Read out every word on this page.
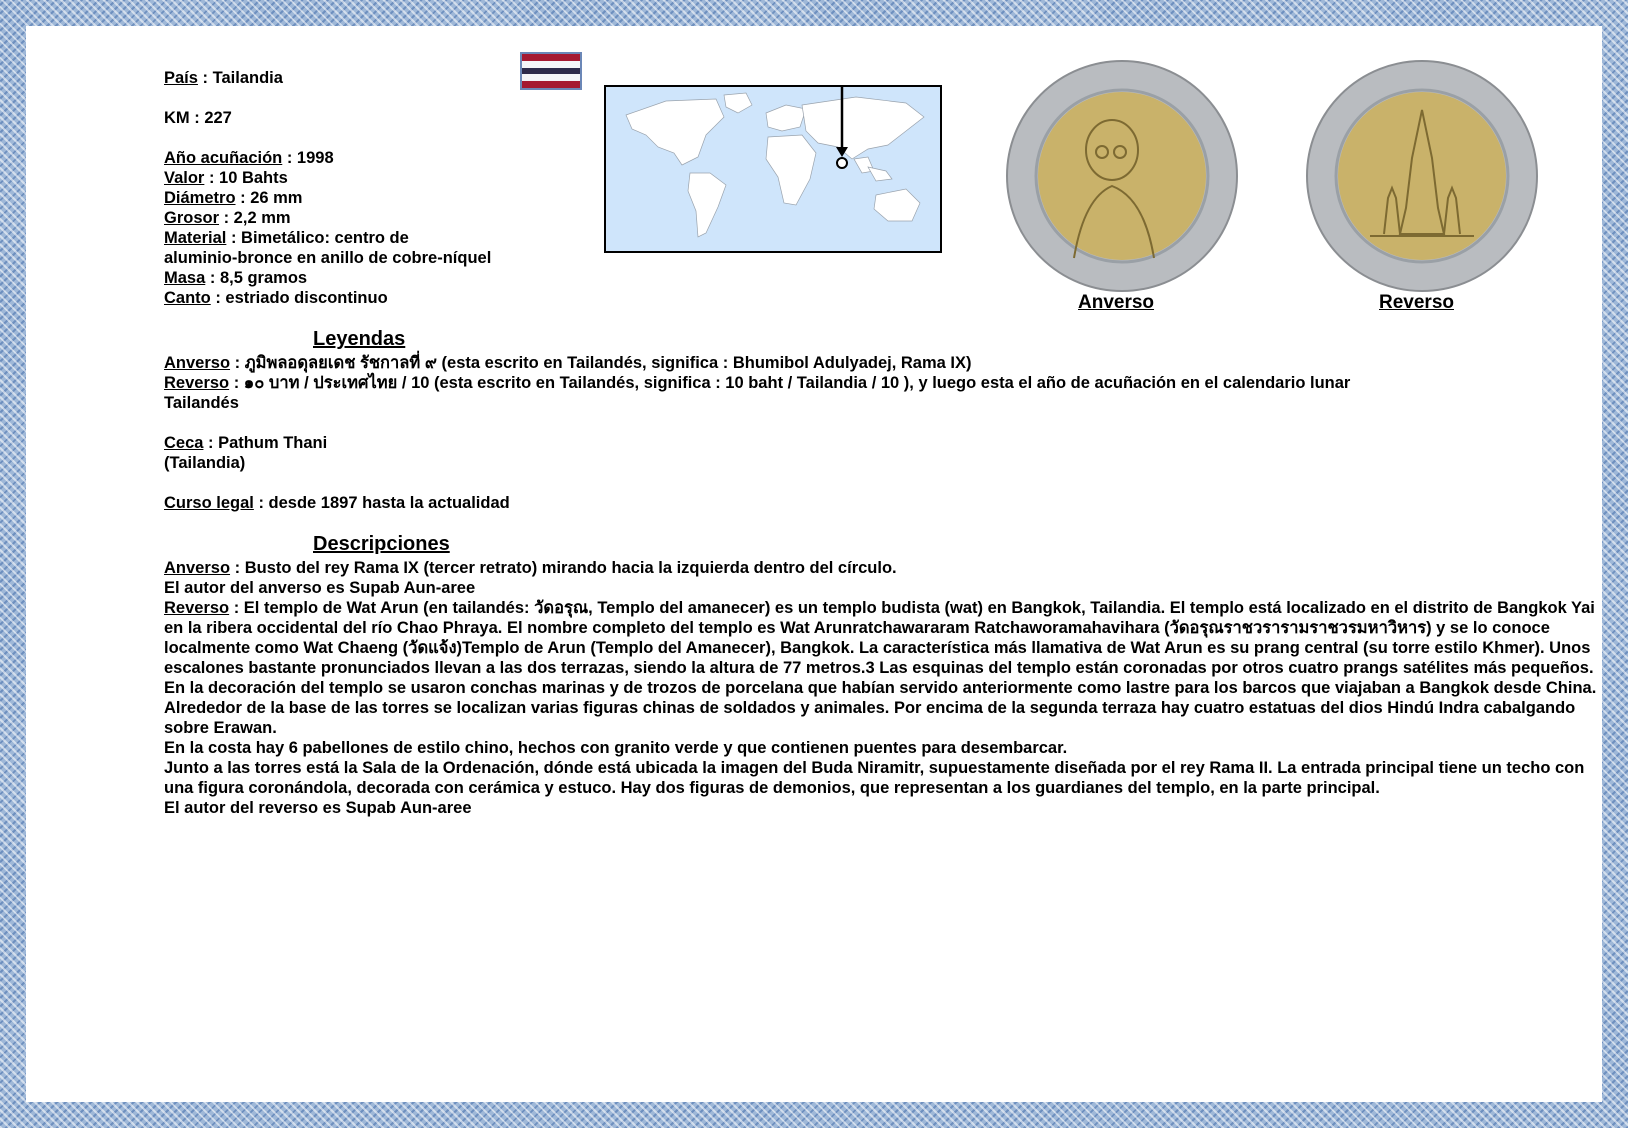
País : Tailandia
KM : 227
Año acuñación : 1998
Valor : 10 Bahts
Diámetro : 26 mm
Grosor : 2,2 mm
Material : Bimetálico: centro de
aluminio-bronce en anillo de cobre-níquel
Masa : 8,5 gramos
Canto : estriado discontinuo	Anverso	Reverso
Leyendas
Anverso : ภูมิพลอดุลยเดช รัชกาลที่ ๙ (esta escrito en Tailandés, significa : Bhumibol Adulyadej, Rama IX)
Reverso : ๑๐ บาท / ประเทศไทย / 10 (esta escrito en Tailandés, significa : 10 baht / Tailandia / 10 ), y luego esta el año de acuñación en el calendario lunar
Tailandés
Ceca : Pathum Thani
(Tailandia)
Curso legal : desde 1897 hasta la actualidad
Descripciones

Anverso : Busto del rey Rama IX (tercer retrato) mirando hacia la izquierda dentro del círculo.

El autor del anverso es Supab Aun-aree

Reverso : El templo de Wat Arun (en tailandés: วัดอรุณ, Templo del amanecer) es un templo budista (wat) en Bangkok, Tailandia. El templo está localizado en el distrito de Bangkok Yai en la ribera occidental del río Chao Phraya. El nombre completo del templo es Wat Arunratchawararam Ratchaworamahavihara (วัดอรุณราชวรารามราชวรมหาวิหาร) y se lo conoce localmente como Wat Chaeng (วัดแจ้ง)Templo de Arun (Templo del Amanecer), Bangkok. La característica más llamativa de Wat Arun es su prang central (su torre estilo Khmer). Unos escalones bastante pronunciados llevan a las dos terrazas, siendo la altura de 77 metros.3 Las esquinas del templo están coronadas por otros cuatro prangs satélites más pequeños.

En la decoración del templo se usaron conchas marinas y de trozos de porcelana que habían servido anteriormente como lastre para los barcos que viajaban a Bangkok desde China. Alrededor de la base de las torres se localizan varias figuras chinas de soldados y animales. Por encima de la segunda terraza hay cuatro estatuas del dios Hindú Indra cabalgando sobre Erawan.

En la costa hay 6 pabellones de estilo chino, hechos con granito verde y que contienen puentes para desembarcar.

Junto a las torres está la Sala de la Ordenación, dónde está ubicada la imagen del Buda Niramitr, supuestamente diseñada por el rey Rama II. La entrada principal tiene un techo con una figura coronándola, decorada con cerámica y estuco. Hay dos figuras de demonios, que representan a los guardianes del templo, en la parte principal.

El autor del reverso es Supab Aun-aree
